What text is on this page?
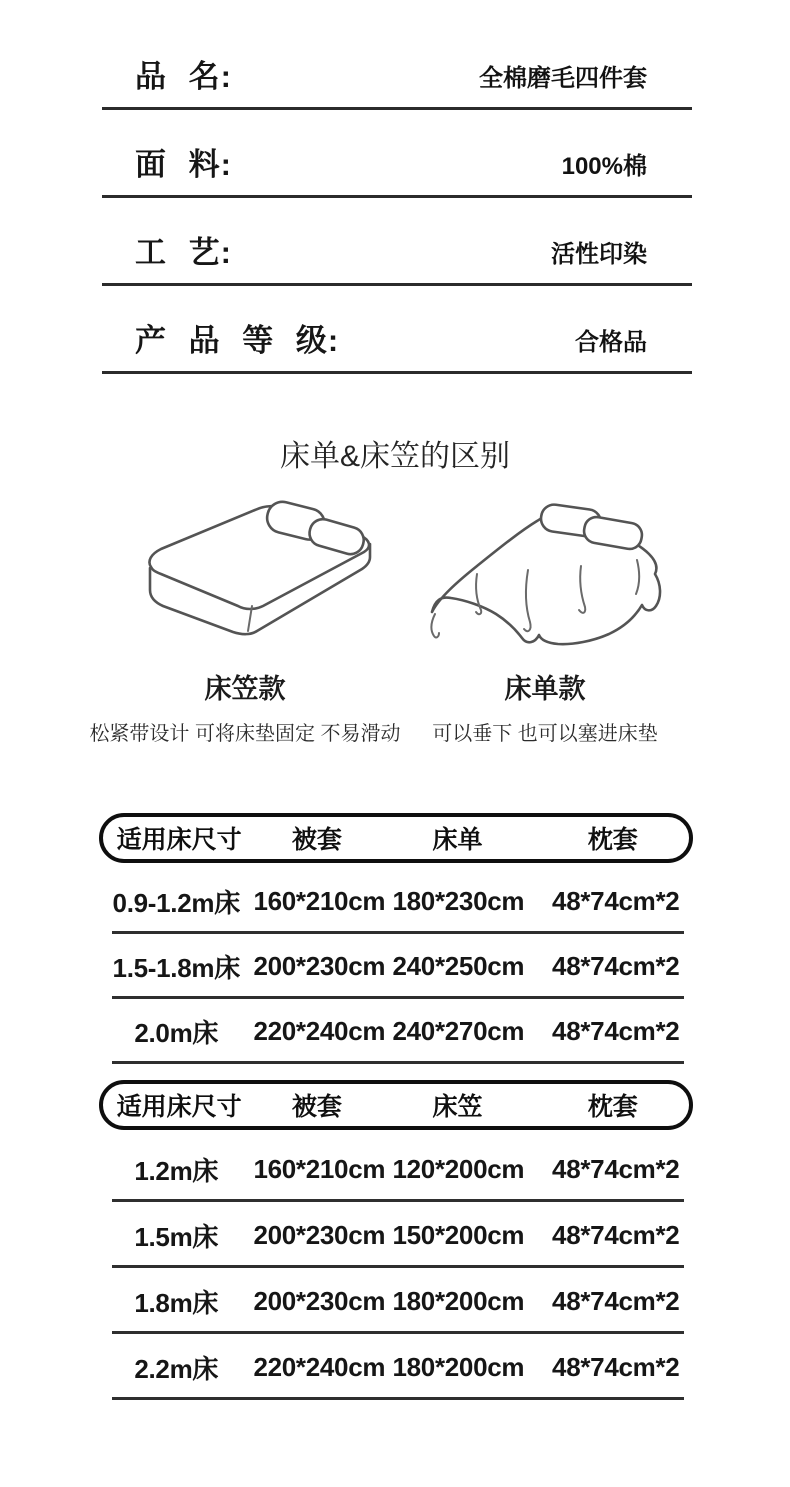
品 名:	全棉磨毛四件套
面 料:	100%棉
工 艺:	活性印染
产 品 等 级:	合格品
床单&床笠的区别
床笠款
松紧带设计 可将床垫固定 不易滑动
床单款
可以垂下 也可以塞进床垫
适用床尺寸	被套	床单	枕套
0.9-1.2m床 160*210cm 180*230cm	48*74cm*2
1.5-1.8m床 200*230cm 240*250cm	48*74cm*2
2.0m床	220*240cm 240*270cm	48*74cm*2
适用床尺寸	被套	床笠	枕套
1.2m床	160*210cm 120*200cm	48*74cm*2
1.5m床	200*230cm 150*200cm	48*74cm*2
1.8m床	200*230cm 180*200cm	48*74cm*2
2.2m床	220*240cm 180*200cm	48*74cm*2
